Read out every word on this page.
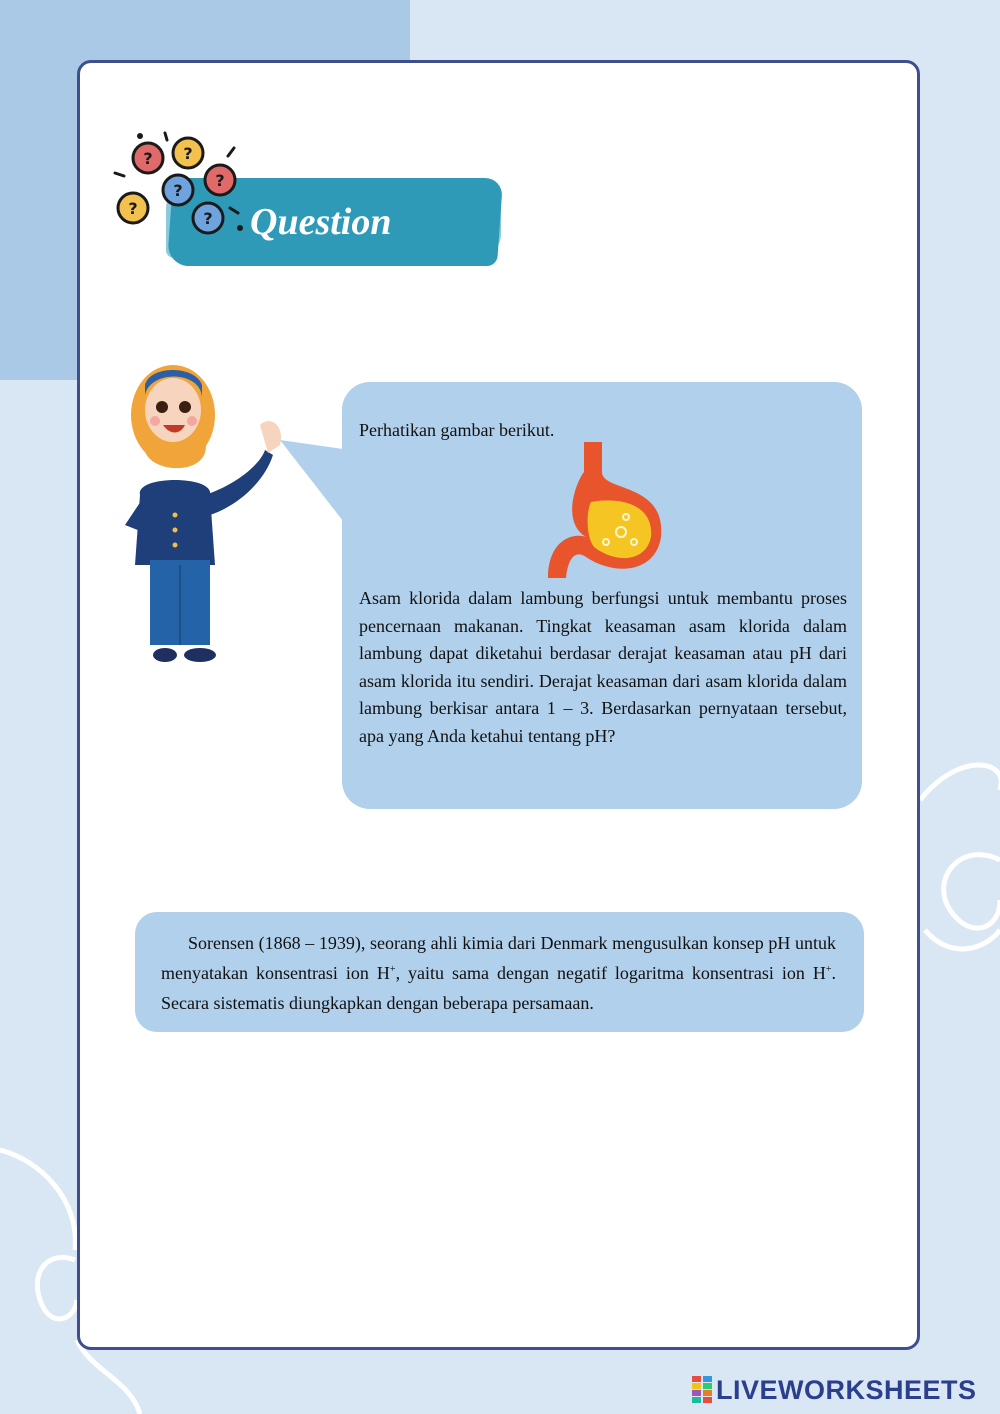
? ?
?
?
?
? Question
Perhatikan gambar berikut.
Asam klorida dalam lambung berfungsi untuk membantu proses pencernaan makanan. Tingkat keasaman asam klorida dalam lambung dapat diketahui berdasar derajat keasaman atau pH dari asam klorida itu sendiri. Derajat keasaman dari asam klorida dalam lambung berkisar antara 1 – 3. Berdasarkan pernyataan tersebut, apa yang Anda ketahui tentang pH?

Sorensen (1868 – 1939), seorang ahli kimia dari Denmark mengusulkan konsep pH untuk menyatakan konsentrasi ion H+, yaitu sama dengan negatif logaritma konsentrasi ion H+. Secara sistematis diungkapkan dengan beberapa persamaan.

LIVEWORKSHEETS
